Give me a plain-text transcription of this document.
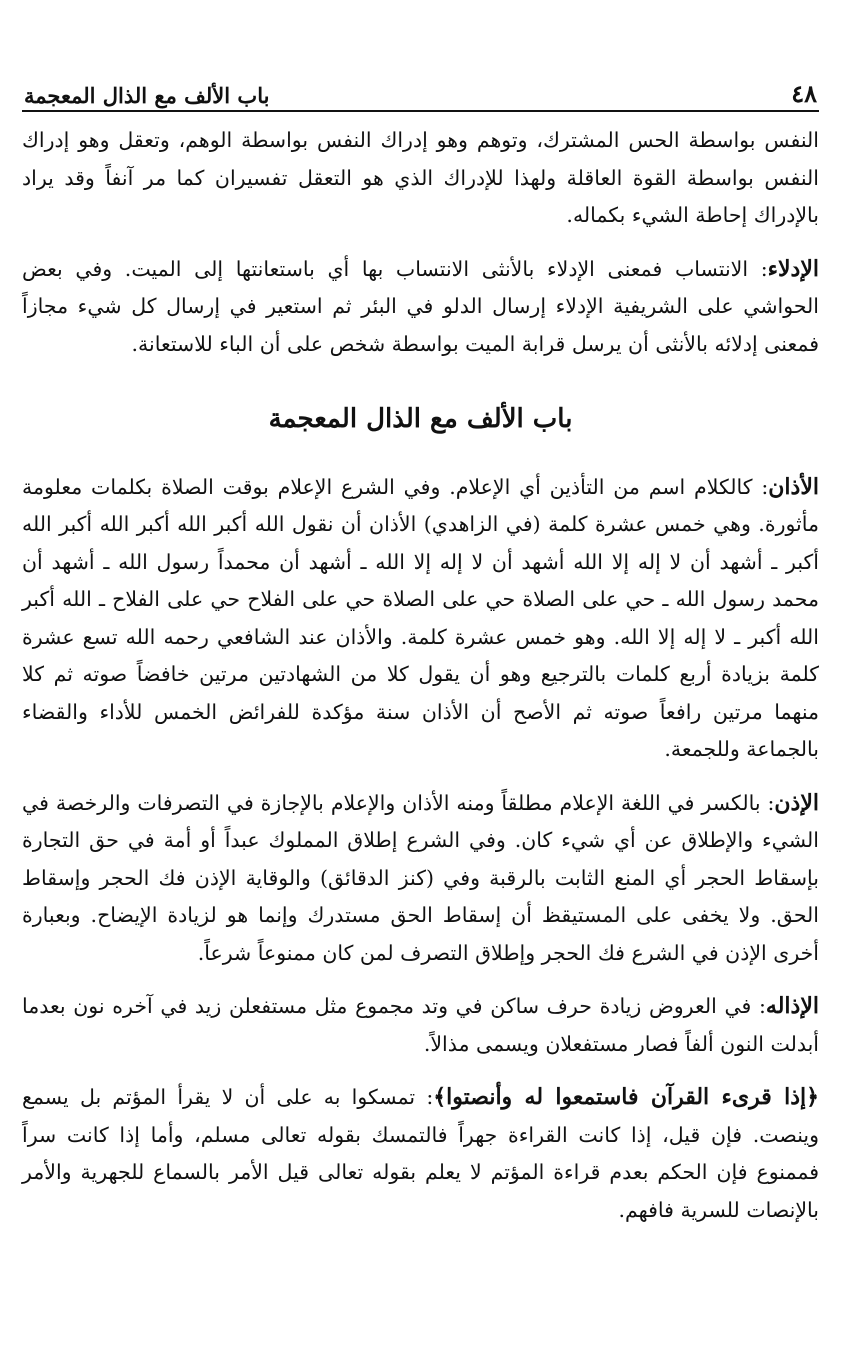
٤٨
باب الألف مع الذال المعجمة

النفس بواسطة الحس المشترك، وتوهم وهو إدراك النفس بواسطة الوهم، وتعقل وهو إدراك النفس بواسطة القوة العاقلة ولهذا للإدراك الذي هو التعقل تفسيران كما مر آنفاً وقد يراد بالإدراك إحاطة الشيء بكماله.

الإدلاء: الانتساب فمعنى الإدلاء بالأنثى الانتساب بها أي باستعانتها إلى الميت. وفي بعض الحواشي على الشريفية الإدلاء إرسال الدلو في البئر ثم استعير في إرسال كل شيء مجازاً فمعنى إدلائه بالأنثى أن يرسل قرابة الميت بواسطة شخص على أن الباء للاستعانة.

باب الألف مع الذال المعجمة

الأذان: كالكلام اسم من التأذين أي الإعلام. وفي الشرع الإعلام بوقت الصلاة بكلمات معلومة مأثورة. وهي خمس عشرة كلمة (في الزاهدي) الأذان أن نقول الله أكبر الله أكبر الله أكبر الله أكبر ـ أشهد أن لا إله إلا الله أشهد أن لا إله إلا الله ـ أشهد أن محمداً رسول الله ـ أشهد أن محمد رسول الله ـ حي على الصلاة حي على الصلاة حي على الفلاح حي على الفلاح ـ الله أكبر الله أكبر ـ لا إله إلا الله. وهو خمس عشرة كلمة. والأذان عند الشافعي رحمه الله تسع عشرة كلمة بزيادة أربع كلمات بالترجيع وهو أن يقول كلا من الشهادتين مرتين خافضاً صوته ثم كلا منهما مرتين رافعاً صوته ثم الأصح أن الأذان سنة مؤكدة للفرائض الخمس للأداء والقضاء بالجماعة وللجمعة.

الإذن: بالكسر في اللغة الإعلام مطلقاً ومنه الأذان والإعلام بالإجازة في التصرفات والرخصة في الشيء والإطلاق عن أي شيء كان. وفي الشرع إطلاق المملوك عبداً أو أمة في حق التجارة بإسقاط الحجر أي المنع الثابت بالرقبة وفي (كنز الدقائق) والوقاية الإذن فك الحجر وإسقاط الحق. ولا يخفى على المستيقظ أن إسقاط الحق مستدرك وإنما هو لزيادة الإيضاح. وبعبارة أخرى الإذن في الشرع فك الحجر وإطلاق التصرف لمن كان ممنوعاً شرعاً.

الإذاله: في العروض زيادة حرف ساكن في وتد مجموع مثل مستفعلن زيد في آخره نون بعدما أبدلت النون ألفاً فصار مستفعلان ويسمى مذالاً.

﴿إذا قرىء القرآن فاستمعوا له وأنصتوا﴾: تمسكوا به على أن لا يقرأ المؤتم بل يسمع وينصت. فإن قيل، إذا كانت القراءة جهراً فالتمسك بقوله تعالى مسلم، وأما إذا كانت سراً فممنوع فإن الحكم بعدم قراءة المؤتم لا يعلم بقوله تعالى قيل الأمر بالسماع للجهرية والأمر بالإنصات للسرية فافهم.
